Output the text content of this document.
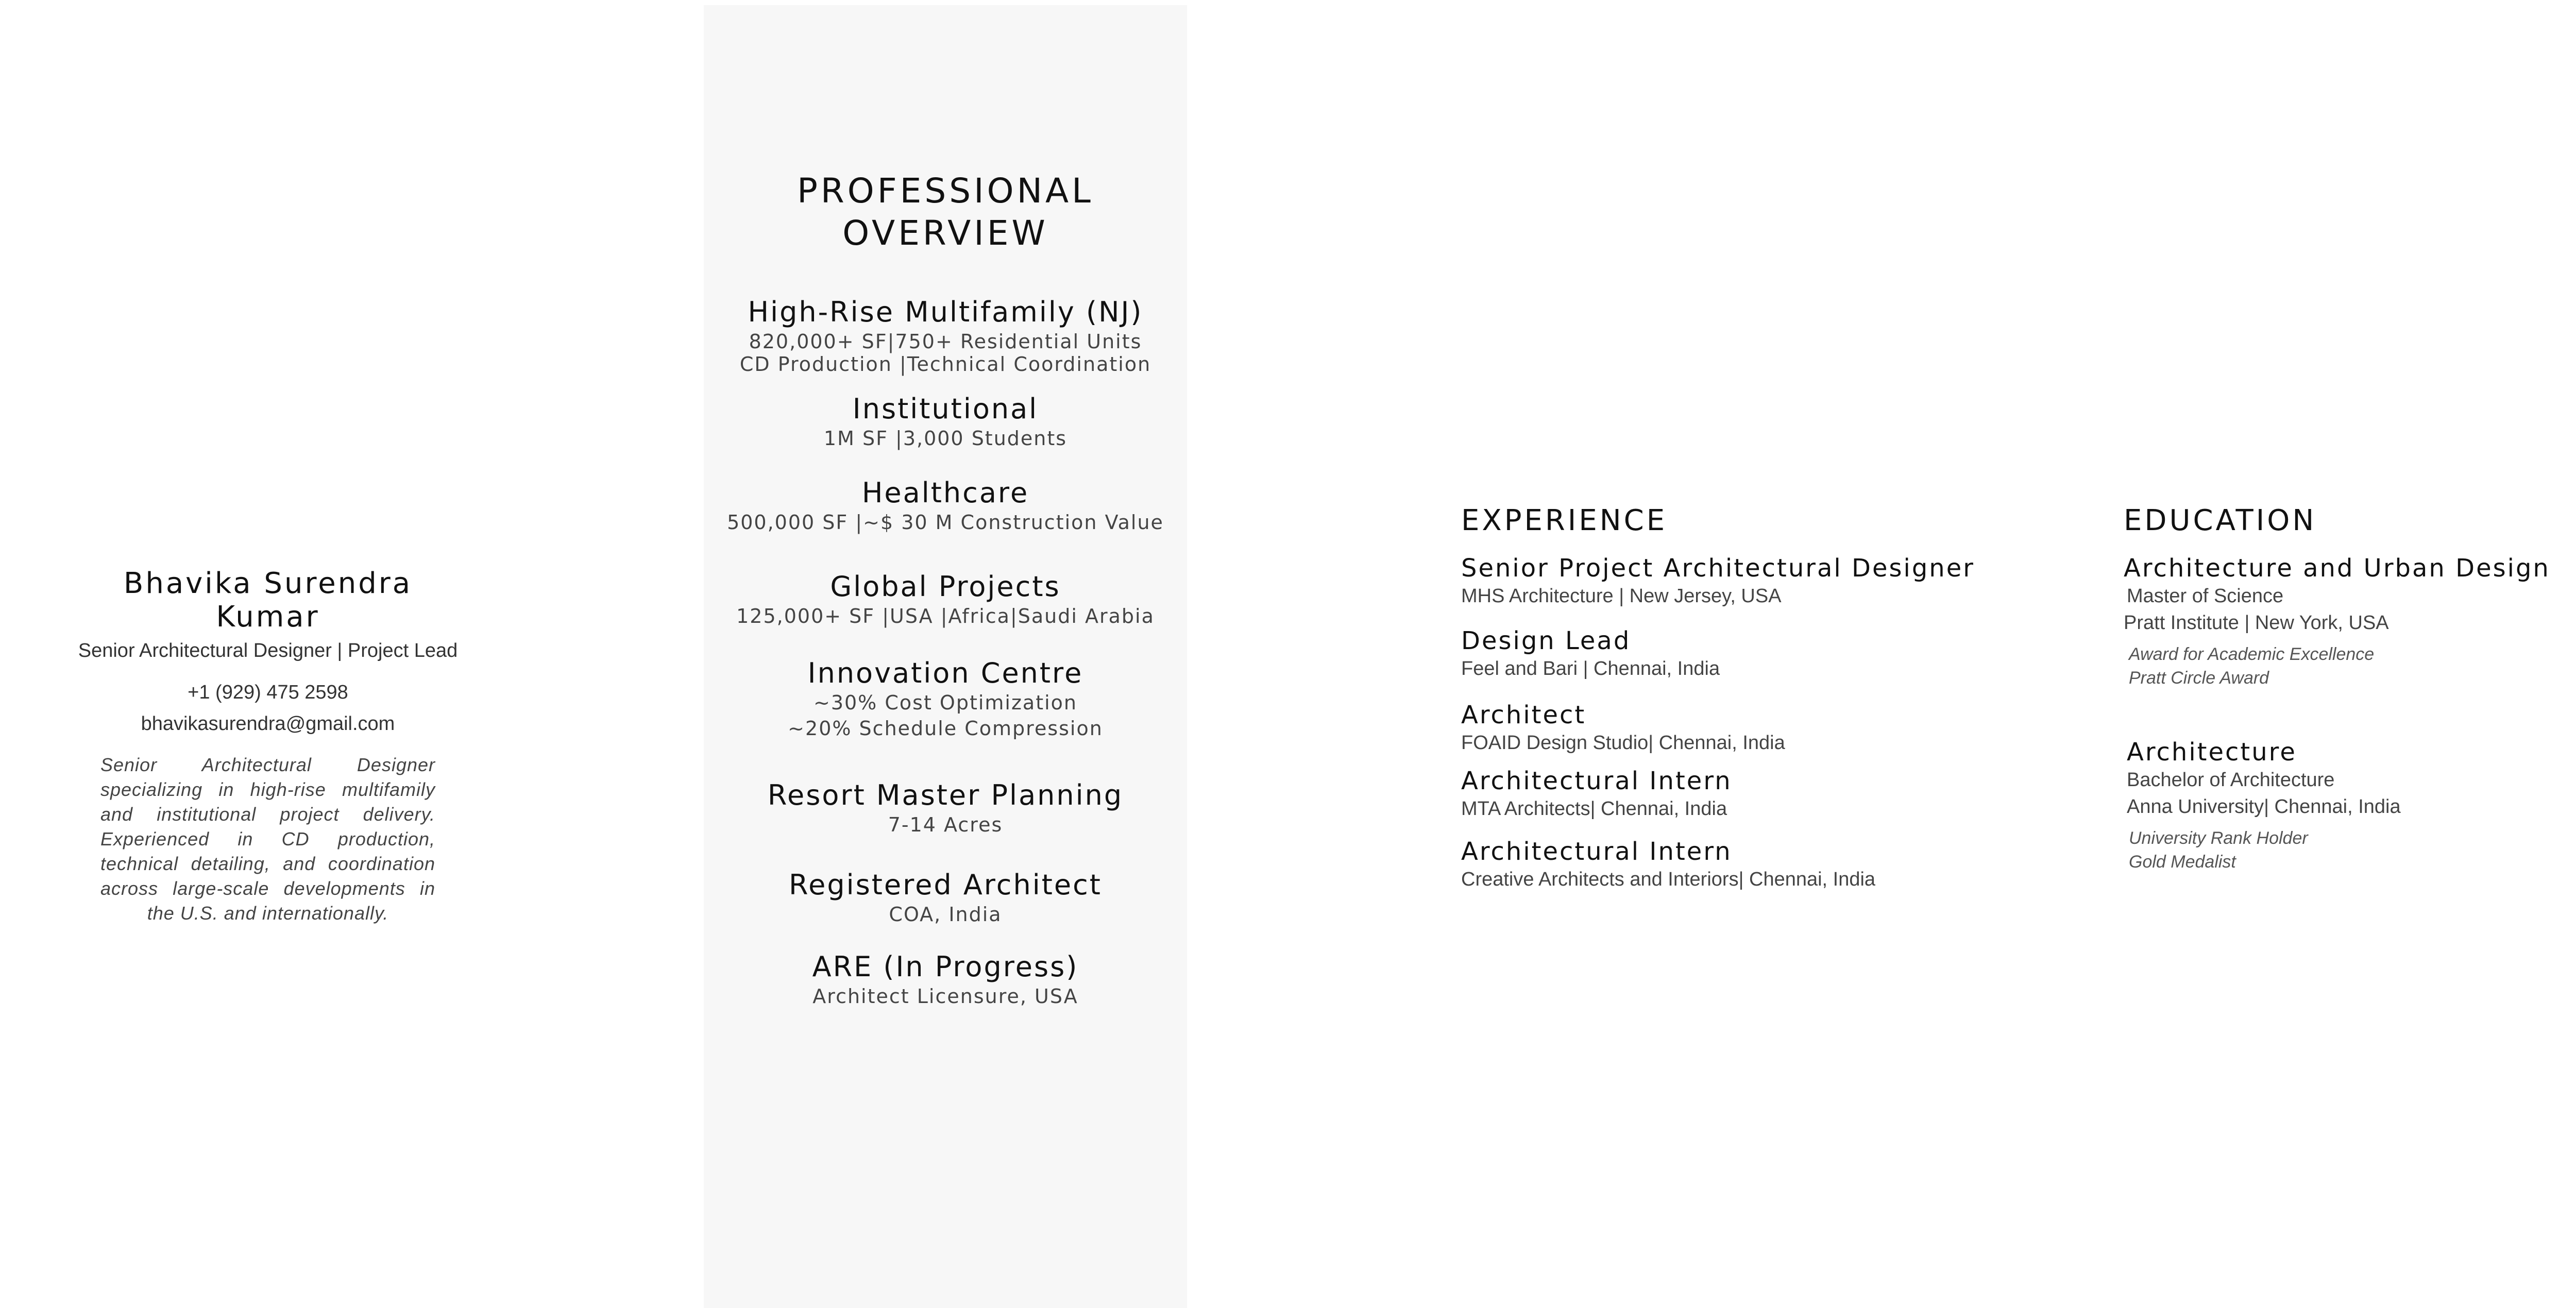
Bhavika Surendra Kumar
Senior Architectural Designer | Project Lead
+1 (929) 475 2598
bhavikasurendra@gmail.com
Senior Architectural Designer specializing in high-rise multifamily and institutional project delivery. Experienced in CD production, technical detailing, and coordination across large-scale developments in the U.S. and internationally.
PROFESSIONAL
OVERVIEW
High-Rise Multifamily (NJ)
820,000+ SF|750+ Residential Units
CD Production |Technical Coordination
Institutional
1M SF |3,000 Students
Healthcare
500,000 SF |~$ 30 M Construction Value
Global Projects
125,000+ SF |USA |Africa|Saudi Arabia
Innovation Centre
~30% Cost Optimization
~20% Schedule Compression
Resort Master Planning
7-14 Acres
Registered Architect
COA, India
ARE (In Progress)
Architect Licensure, USA
EXPERIENCE
Senior Project Architectural Designer
MHS Architecture | New Jersey, USA
Design Lead
Feel and Bari | Chennai, India
Architect
FOAID Design Studio| Chennai, India
Architectural Intern
MTA Architects| Chennai, India
Architectural Intern
Creative Architects and Interiors| Chennai, India
EDUCATION
Architecture and Urban Design
Master of Science
Pratt Institute | New York, USA
Award for Academic Excellence
Pratt Circle Award
Architecture
Bachelor of Architecture
Anna University| Chennai, India
University Rank Holder
Gold Medalist
